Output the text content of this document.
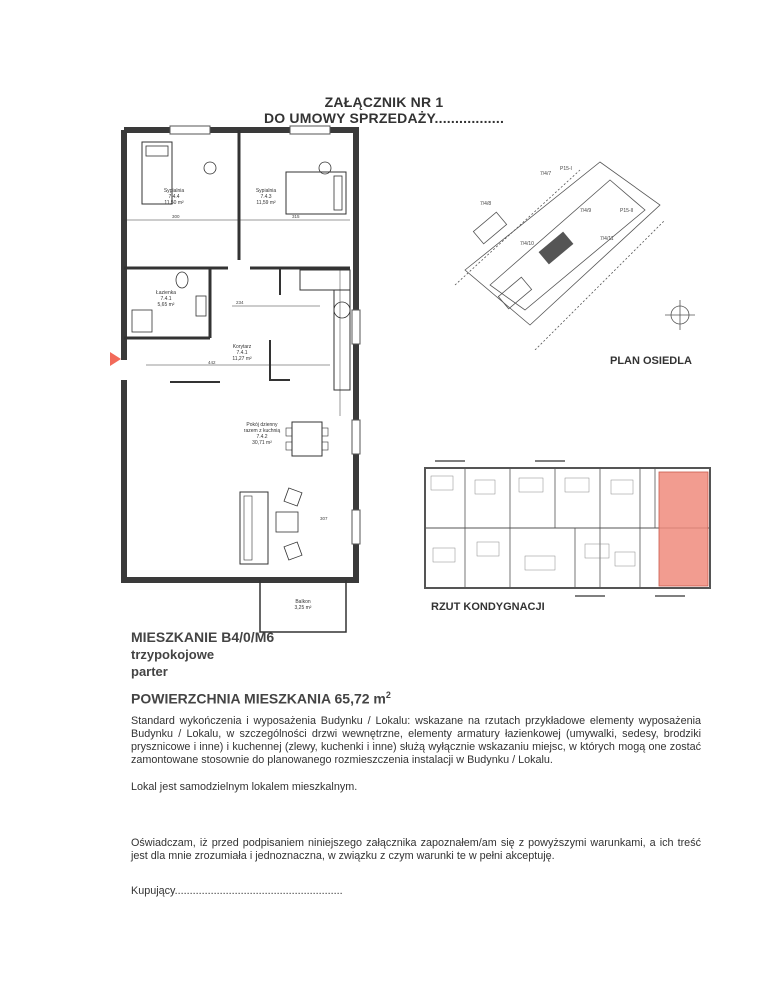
ZAŁĄCZNIK NR 1
DO UMOWY SPRZEDAŻY.................
Sypialnia
7.4.4
11,50 m²
Sypialnia
7.4.3
11,59 m²
Łazienka
7.4.1
5,65 m²
Korytarz
7.4.1
11,27 m²
Pokój dzienny
razem z kuchnią
7.4.2
30,71 m²
Balkon
3,25 m²
300	315
442
234
307
7/4/7
P15-I
P15-II
7/4/8
7/4/9
7/4/10
7/4/11
PLAN OSIEDLA
RZUT KONDYGNACJI
MIESZKANIE B4/0/M6
trzypokojowe
parter
POWIERZCHNIA MIESZKANIA 65,72 $m^2$
Standard wykończenia i wyposażenia Budynku / Lokalu: wskazane na rzutach przykładowe elementy wyposażenia Budynku / Lokalu, w szczególności drzwi wewnętrzne, elementy armatury łazienkowej (umywalki, sedesy, brodziki prysznicowe i inne) i kuchennej (zlewy, kuchenki i inne) służą wyłącznie wskazaniu miejsc, w których mogą one zostać zamontowane stosownie do planowanego rozmieszczenia instalacji w Budynku / Lokalu.
Lokal jest samodzielnym lokalem mieszkalnym.
Oświadczam, iż przed podpisaniem niniejszego załącznika zapoznałem/am się z powyższymi warunkami, a ich treść jest dla mnie zrozumiała i jednoznaczna, w związku z czym warunki te w pełni akceptuję.
Kupujący........................................................
